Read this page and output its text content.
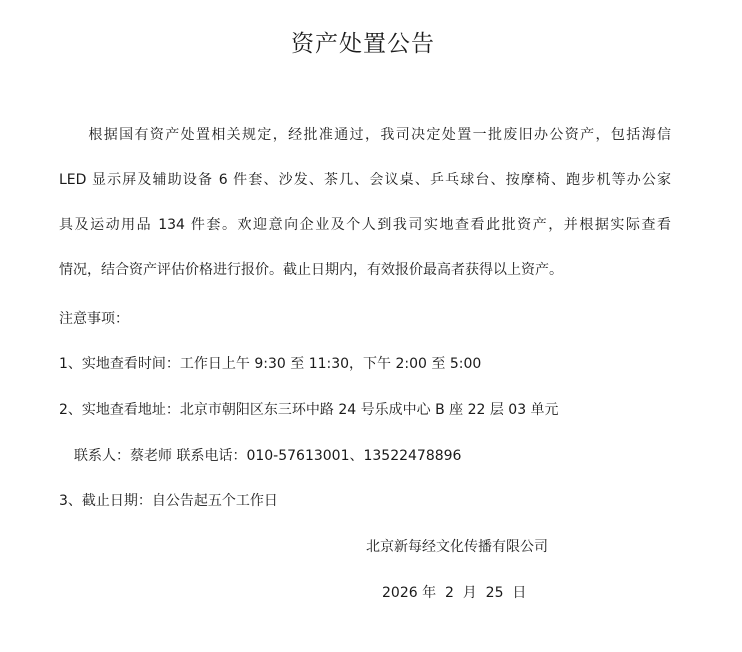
资产处置公告
根据国有资产处置相关规定，经批准通过，我司决定处置一批废旧办公资产，包括海信
LED 显示屏及辅助设备 6 件套、沙发、茶几、会议桌、乒乓球台、按摩椅、跑步机等办公家
具及运动用品 134 件套。欢迎意向企业及个人到我司实地查看此批资产，并根据实际查看
情况，结合资产评估价格进行报价。截止日期内，有效报价最高者获得以上资产。
注意事项：
1、实地查看时间：工作日上午 9:30 至 11:30，下午 2:00 至 5:00
2、实地查看地址：北京市朝阳区东三环中路 24 号乐成中心 B 座 22 层 03 单元
联系人：蔡老师 联系电话：010-57613001、13522478896
3、截止日期：自公告起五个工作日
北京新每经文化传播有限公司
2026 年  2  月  25  日
